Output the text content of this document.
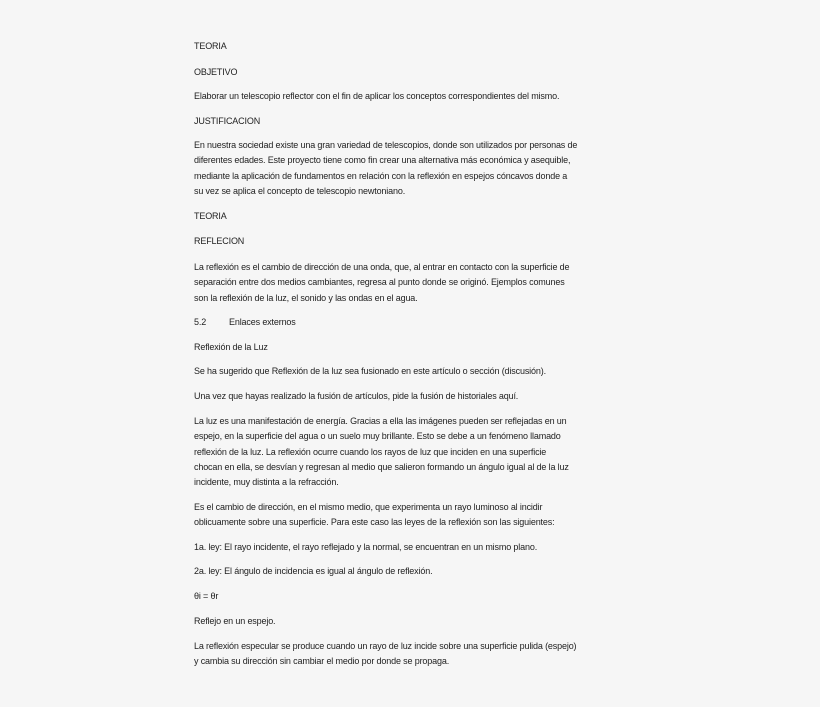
TEORIA
OBJETIVO
Elaborar un telescopio reflector con el fin de aplicar los conceptos correspondientes del mismo.
JUSTIFICACION
En nuestra sociedad existe una gran variedad de telescopios, donde son utilizados por personas de
diferentes edades. Este proyecto tiene como fin crear una alternativa más económica y asequible,
mediante la aplicación de fundamentos en relación con la reflexión en espejos cóncavos donde a
su vez se aplica el concepto de telescopio newtoniano.
TEORIA
REFLECION
La reflexión es el cambio de dirección de una onda, que, al entrar en contacto con la superficie de
separación entre dos medios cambiantes, regresa al punto donde se originó. Ejemplos comunes
son la reflexión de la luz, el sonido y las ondas en el agua.
5.2	Enlaces externos
Reflexión de la Luz
Se ha sugerido que Reflexión de la luz sea fusionado en este artículo o sección (discusión).
Una vez que hayas realizado la fusión de artículos, pide la fusión de historiales aquí.
La luz es una manifestación de energía. Gracias a ella las imágenes pueden ser reflejadas en un
espejo, en la superficie del agua o un suelo muy brillante. Esto se debe a un fenómeno llamado
reflexión de la luz. La reflexión ocurre cuando los rayos de luz que inciden en una superficie
chocan en ella, se desvían y regresan al medio que salieron formando un ángulo igual al de la luz
incidente, muy distinta a la refracción.
Es el cambio de dirección, en el mismo medio, que experimenta un rayo luminoso al incidir
oblicuamente sobre una superficie. Para este caso las leyes de la reflexión son las siguientes:
1a. ley: El rayo incidente, el rayo reflejado y la normal, se encuentran en un mismo plano.
2a. ley: El ángulo de incidencia es igual al ángulo de reflexión.
θi = θr
Reflejo en un espejo.
La reflexión especular se produce cuando un rayo de luz incide sobre una superficie pulida (espejo)
y cambia su dirección sin cambiar el medio por donde se propaga.
